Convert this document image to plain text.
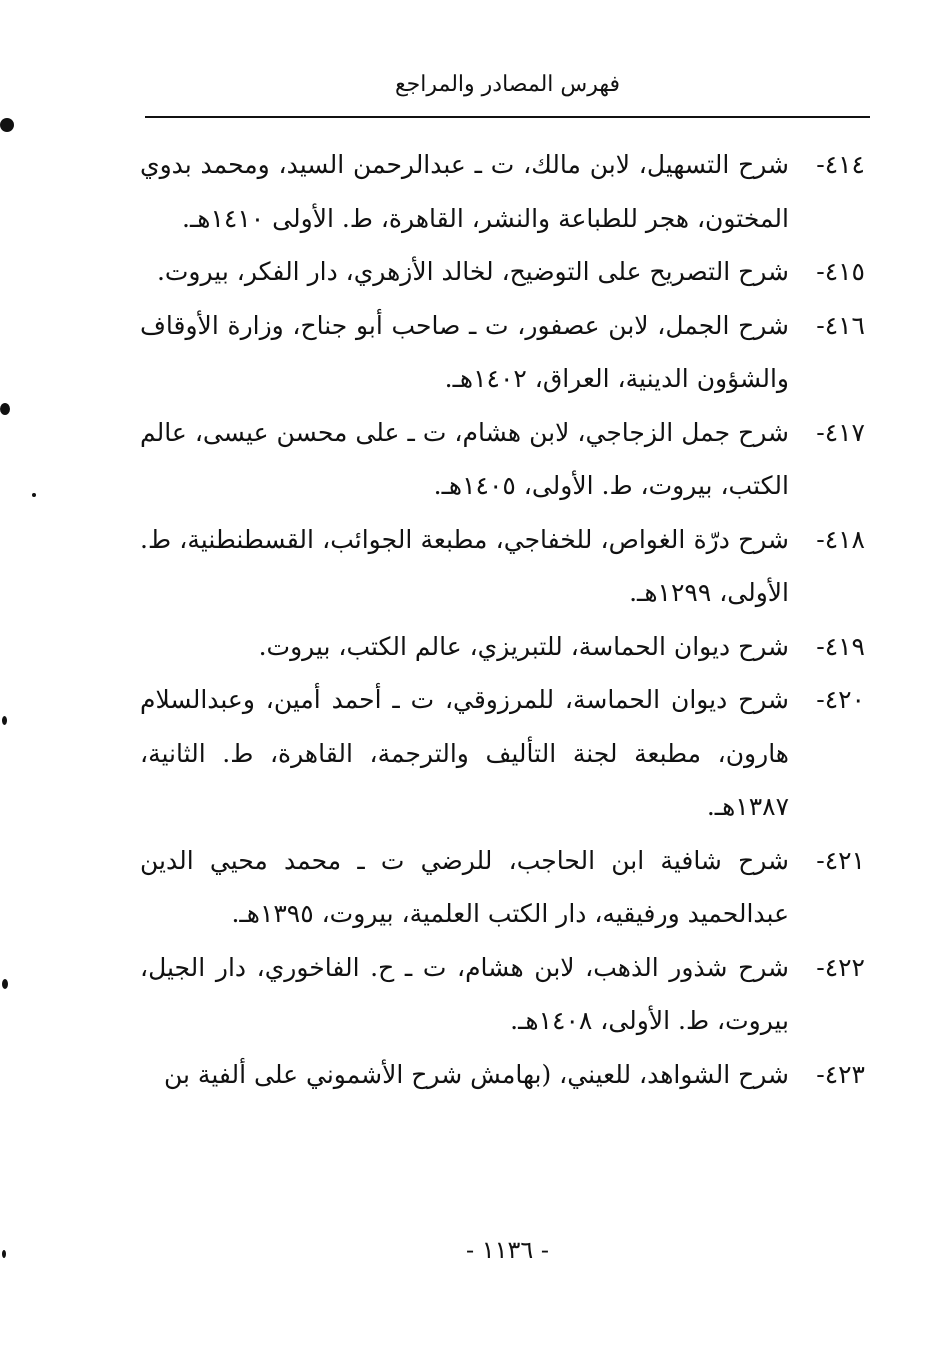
فهرس المصادر والمراجع
٤١٤-
شرح التسهيل، لابن مالك، ت ـ عبدالرحمن السيد، ومحمد بدوي المختون، هجر للطباعة والنشر، القاهرة، ط. الأولى ١٤١٠هـ.
٤١٥-
شرح التصريح على التوضيح، لخالد الأزهري، دار الفكر، بيروت.
٤١٦-
شرح الجمل، لابن عصفور، ت ـ صاحب أبو جناح، وزارة الأوقاف والشؤون الدينية، العراق، ١٤٠٢هـ.
٤١٧-
شرح جمل الزجاجي، لابن هشام، ت ـ على محسن عيسى، عالم الكتب، بيروت، ط. الأولى، ١٤٠٥هـ.
٤١٨-
شرح درّة الغواص، للخفاجي، مطبعة الجوائب، القسطنطنية، ط. الأولى، ١٢٩٩هـ.
٤١٩-
شرح ديوان الحماسة، للتبريزي، عالم الكتب، بيروت.
٤٢٠-
شرح ديوان الحماسة، للمرزوقي، ت ـ أحمد أمين، وعبدالسلام هارون، مطبعة لجنة التأليف والترجمة، القاهرة، ط. الثانية، ١٣٨٧هـ.
٤٢١-
شرح شافية ابن الحاجب، للرضي ت ـ محمد محيي الدين عبدالحميد ورفيقيه، دار الكتب العلمية، بيروت، ١٣٩٥هـ.
٤٢٢-
شرح شذور الذهب، لابن هشام، ت ـ ح. الفاخوري، دار الجيل، بيروت، ط. الأولى، ١٤٠٨هـ.
٤٢٣-
شرح الشواهد، للعيني، (بهامش شرح الأشموني على ألفية بن
- ١١٣٦ -
